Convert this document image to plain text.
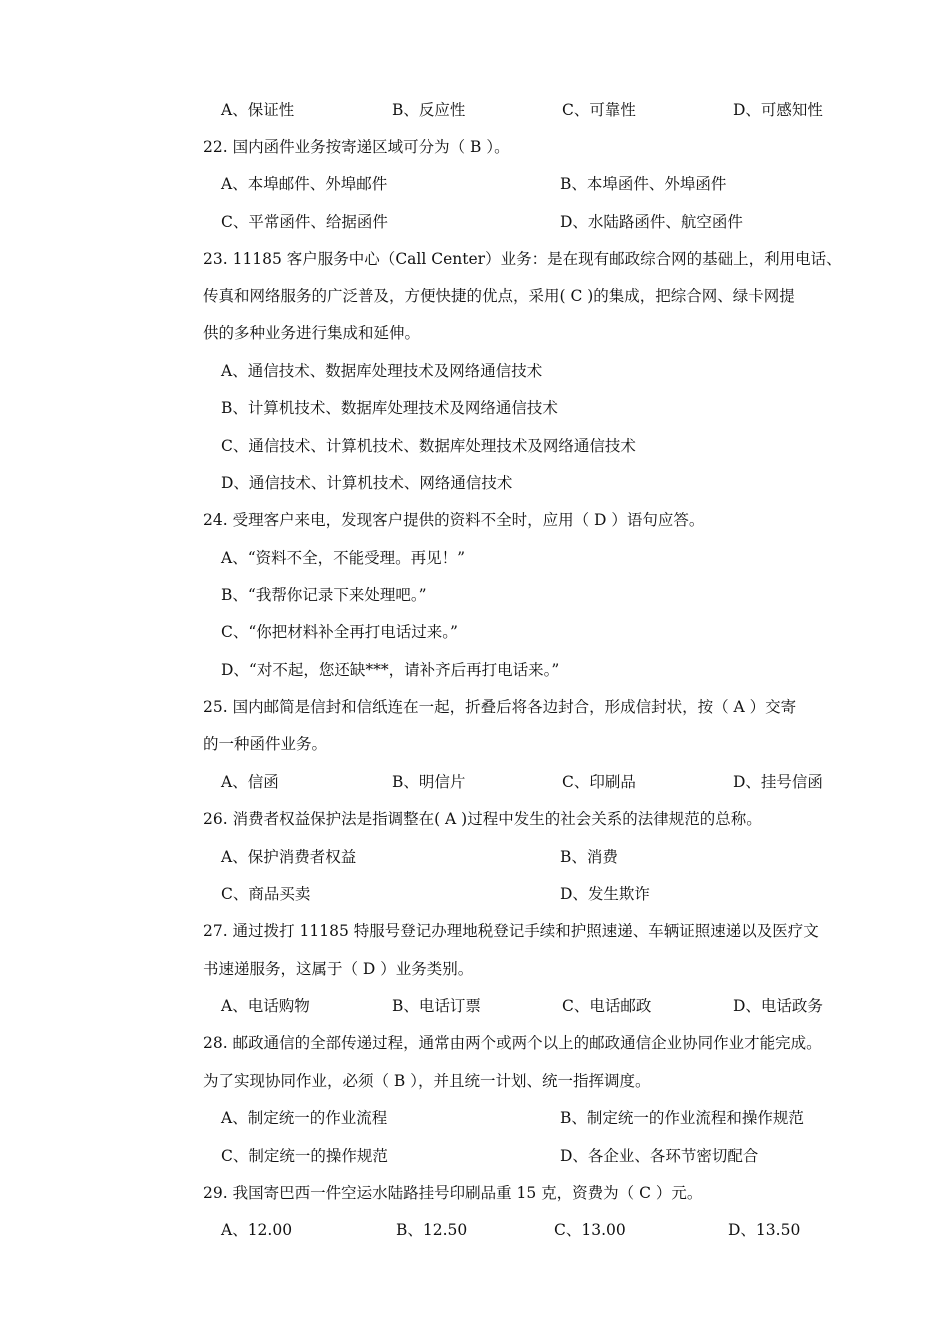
A、保证性	B、反应性	C、可靠性	D、可感知性
22. 国内函件业务按寄递区域可分为（ B ）。
A、本埠邮件、外埠邮件	B、本埠函件、外埠函件
C、平常函件、给据函件	D、水陆路函件、航空函件
23. 11185 客户服务中心（Call Center）业务：是在现有邮政综合网的基础上，利用电话、
传真和网络服务的广泛普及，方便快捷的优点，采用( C )的集成，把综合网、绿卡网提
供的多种业务进行集成和延伸。
A、通信技术、数据库处理技术及网络通信技术
B、计算机技术、数据库处理技术及网络通信技术
C、通信技术、计算机技术、数据库处理技术及网络通信技术
D、通信技术、计算机技术、网络通信技术
24. 受理客户来电，发现客户提供的资料不全时，应用（ D ）语句应答。
A、“资料不全，不能受理。再见！”
B、“我帮你记录下来处理吧。”
C、“你把材料补全再打电话过来。”
D、“对不起，您还缺***，请补齐后再打电话来。”
25. 国内邮简是信封和信纸连在一起，折叠后将各边封合，形成信封状，按（ A ）交寄
的一种函件业务。
A、信函	B、明信片	C、印刷品	D、挂号信函
26. 消费者权益保护法是指调整在( A )过程中发生的社会关系的法律规范的总称。
A、保护消费者权益	B、消费
C、商品买卖	D、发生欺诈
27. 通过拨打 11185 特服号登记办理地税登记手续和护照速递、车辆证照速递以及医疗文
书速递服务，这属于（ D ）业务类别。
A、电话购物	B、电话订票	C、电话邮政	D、电话政务
28. 邮政通信的全部传递过程，通常由两个或两个以上的邮政通信企业协同作业才能完成。
为了实现协同作业，必须（ B ），并且统一计划、统一指挥调度。
A、制定统一的作业流程	B、制定统一的作业流程和操作规范
C、制定统一的操作规范	D、各企业、各环节密切配合
29. 我国寄巴西一件空运水陆路挂号印刷品重 15 克，资费为（ C ）元。
A、12.00	B、12.50	C、13.00	D、13.50
